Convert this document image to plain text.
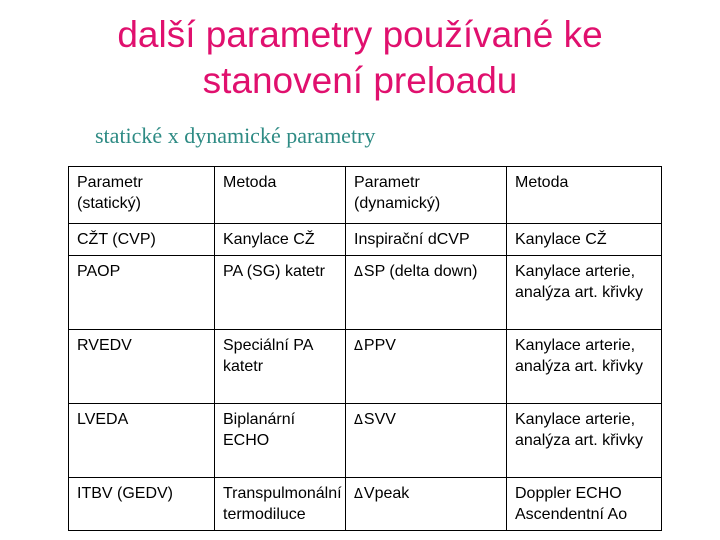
další parametry používané ke
stanovení preloadu
statické x dynamické parametry
Parametr (statický)	Metoda	Parametr (dynamický)	Metoda
CŽT (CVP)	Kanylace CŽ	Inspirační dCVP	Kanylace CŽ
PAOP	PA (SG) katetr	ΔSP (delta down)	Kanylace arterie, analýza art. křivky
RVEDV	Speciální PA katetr	ΔPPV	Kanylace arterie, analýza art. křivky
LVEDA	Biplanární ECHO	ΔSVV	Kanylace arterie, analýza art. křivky
ITBV (GEDV)	Transpulmonální termodiluce	ΔVpeak	Doppler ECHO Ascendentní Ao
